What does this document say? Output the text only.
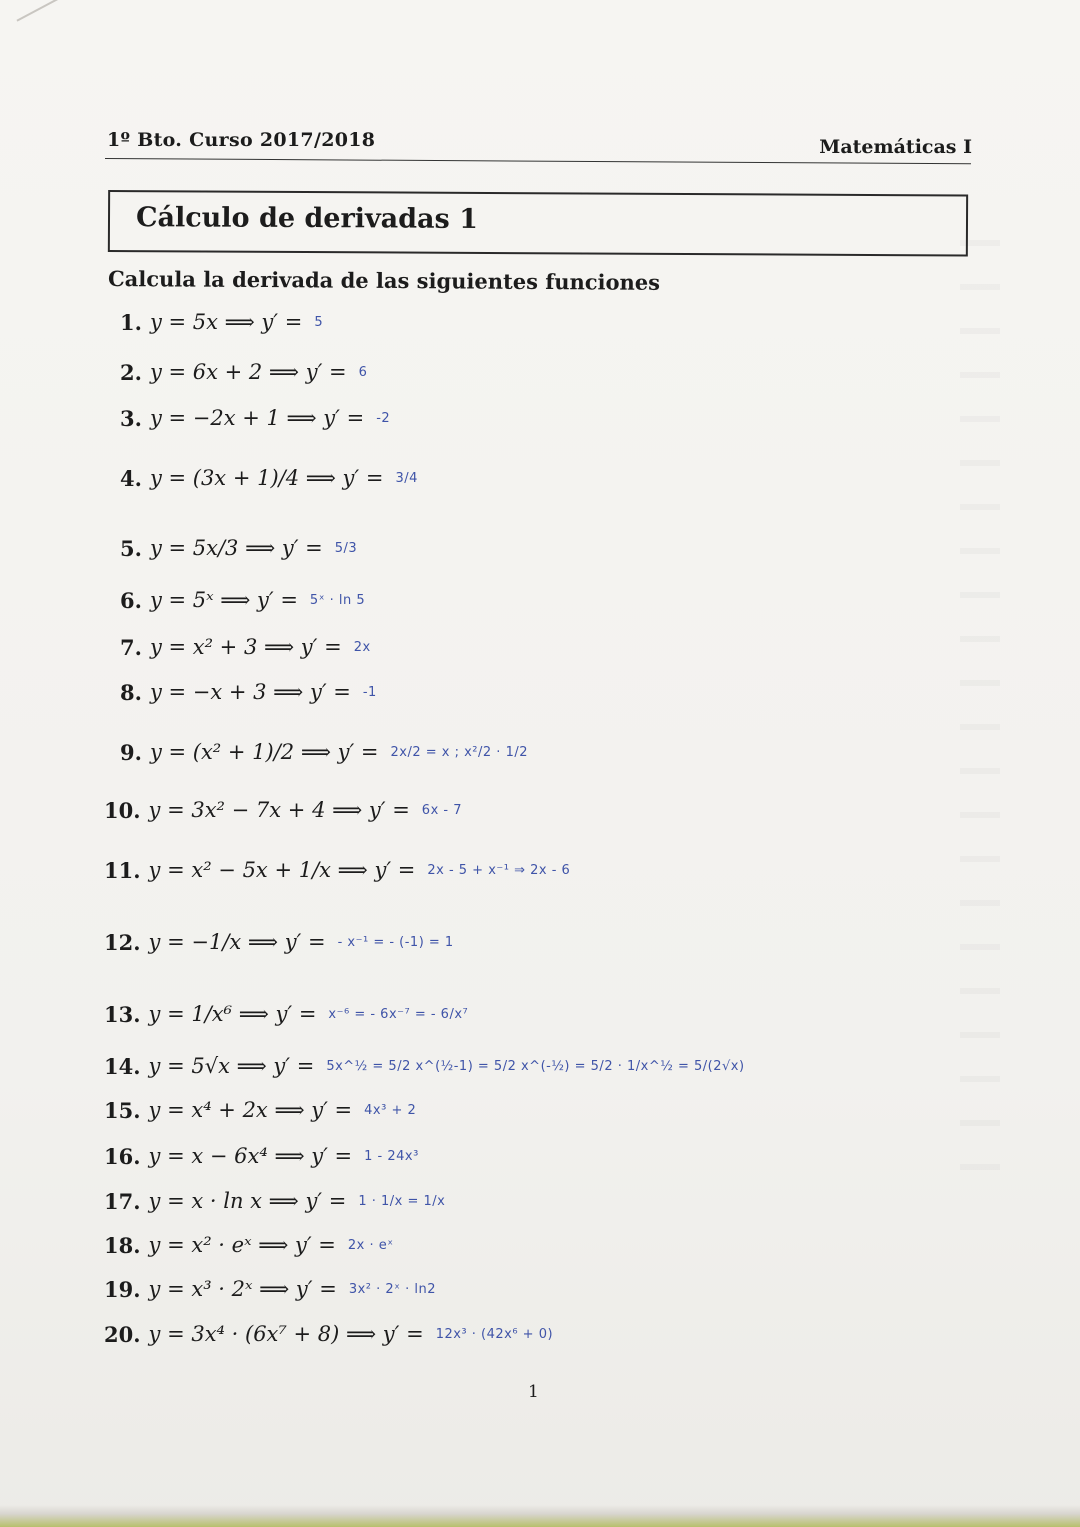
1º Bto. Curso 2017/2018	Matemáticas I
Cálculo de derivadas 1
Calcula la derivada de las siguientes funciones
1. y = 5x ⟹ y′ = 5
2. y = 6x + 2 ⟹ y′ = 6
3. y = −2x + 1 ⟹ y′ = -2
4. y = (3x + 1)/4 ⟹ y′ = 3/4
5. y = 5x/3 ⟹ y′ = 5/3
6. y = 5ˣ ⟹ y′ = 5ˣ · ln 5
7. y = x² + 3 ⟹ y′ = 2x
8. y = −x + 3 ⟹ y′ = -1
9. y = (x² + 1)/2 ⟹ y′ = 2x/2 = x ; x²/2 · 1/2
10. y = 3x² − 7x + 4 ⟹ y′ = 6x - 7
11. y = x² − 5x + 1/x ⟹ y′ = 2x - 5 + x⁻¹ ⇒ 2x - 6
12. y = −1/x ⟹ y′ = - x⁻¹ = - (-1) = 1
13. y = 1/x⁶ ⟹ y′ = x⁻⁶ = - 6x⁻⁷ = - 6/x⁷
14. y = 5√x ⟹ y′ = 5x^½ = 5/2 x^(½-1) = 5/2 x^(-½) = 5/2 · 1/x^½ = 5/(2√x)
15. y = x⁴ + 2x ⟹ y′ = 4x³ + 2
16. y = x − 6x⁴ ⟹ y′ = 1 - 24x³
17. y = x · ln x ⟹ y′ = 1 · 1/x = 1/x
18. y = x² · eˣ ⟹ y′ = 2x · eˣ
19. y = x³ · 2ˣ ⟹ y′ = 3x² · 2ˣ · ln2
20. y = 3x⁴ · (6x⁷ + 8) ⟹ y′ = 12x³ · (42x⁶ + 0)
1
